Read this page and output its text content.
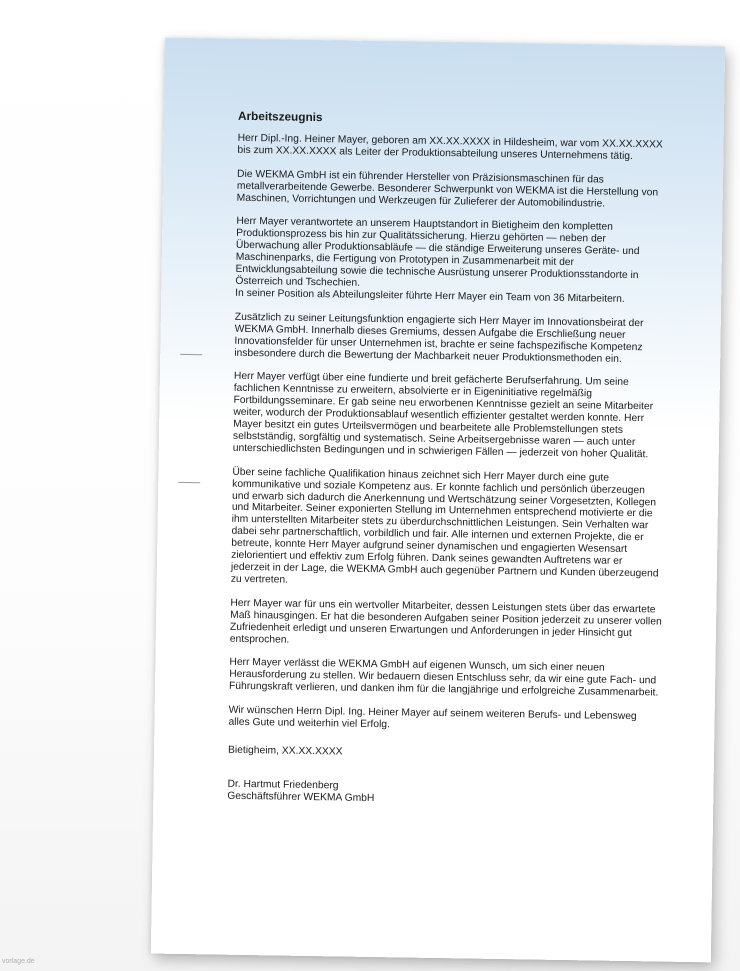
Arbeitszeugnis

Herr Dipl.-Ing. Heiner Mayer, geboren am XX.XX.XXXX in Hildesheim, war vom XX.XX.XXXX bis zum XX.XX.XXXX als Leiter der Produktionsabteilung unseres Unternehmens tätig.

Die WEKMA GmbH ist ein führender Hersteller von Präzisionsmaschinen für das metallverarbeitende Gewerbe. Besonderer Schwerpunkt von WEKMA ist die Herstellung von Maschinen, Vorrichtungen und Werkzeugen für Zulieferer der Automobilindustrie.

Herr Mayer verantwortete an unserem Hauptstandort in Bietigheim den kompletten Produktionsprozess bis hin zur Qualitätssicherung. Hierzu gehörten — neben der Überwachung aller Produktionsabläufe — die ständige Erweiterung unseres Geräte- und Maschinenparks, die Fertigung von Prototypen in Zusammenarbeit mit der Entwicklungsabteilung sowie die technische Ausrüstung unserer Produktionsstandorte in Österreich und Tschechien.

In seiner Position als Abteilungsleiter führte Herr Mayer ein Team von 36 Mitarbeitern.

Zusätzlich zu seiner Leitungsfunktion engagierte sich Herr Mayer im Innovationsbeirat der WEKMA GmbH. Innerhalb dieses Gremiums, dessen Aufgabe die Erschließung neuer Innovationsfelder für unser Unternehmen ist, brachte er seine fachspezifische Kompetenz insbesondere durch die Bewertung der Machbarkeit neuer Produktionsmethoden ein.

Herr Mayer verfügt über eine fundierte und breit gefächerte Berufserfahrung. Um seine fachlichen Kenntnisse zu erweitern, absolvierte er in Eigeninitiative regelmäßig Fortbildungsseminare. Er gab seine neu erworbenen Kenntnisse gezielt an seine Mitarbeiter weiter, wodurch der Produktionsablauf wesentlich effizienter gestaltet werden konnte. Herr Mayer besitzt ein gutes Urteilsvermögen und bearbeitete alle Problemstellungen stets selbstständig, sorgfältig und systematisch. Seine Arbeitsergebnisse waren — auch unter unterschiedlichsten Bedingungen und in schwierigen Fällen — jederzeit von hoher Qualität.

Über seine fachliche Qualifikation hinaus zeichnet sich Herr Mayer durch eine gute kommunikative und soziale Kompetenz aus. Er konnte fachlich und persönlich überzeugen und erwarb sich dadurch die Anerkennung und Wertschätzung seiner Vorgesetzten, Kollegen und Mitarbeiter. Seiner exponierten Stellung im Unternehmen entsprechend motivierte er die ihm unterstellten Mitarbeiter stets zu überdurchschnittlichen Leistungen. Sein Verhalten war dabei sehr partnerschaftlich, vorbildlich und fair. Alle internen und externen Projekte, die er betreute, konnte Herr Mayer aufgrund seiner dynamischen und engagierten Wesensart zielorientiert und effektiv zum Erfolg führen. Dank seines gewandten Auftretens war er jederzeit in der Lage, die WEKMA GmbH auch gegenüber Partnern und Kunden überzeugend zu vertreten.

Herr Mayer war für uns ein wertvoller Mitarbeiter, dessen Leistungen stets über das erwartete Maß hinausgingen. Er hat die besonderen Aufgaben seiner Position jederzeit zu unserer vollen Zufriedenheit erledigt und unseren Erwartungen und Anforderungen in jeder Hinsicht gut entsprochen.

Herr Mayer verlässt die WEKMA GmbH auf eigenen Wunsch, um sich einer neuen Herausforderung zu stellen. Wir bedauern diesen Entschluss sehr, da wir eine gute Fach- und Führungskraft verlieren, und danken ihm für die langjährige und erfolgreiche Zusammenarbeit.

Wir wünschen Herrn Dipl. Ing. Heiner Mayer auf seinem weiteren Berufs- und Lebensweg alles Gute und weiterhin viel Erfolg.

Bietigheim, XX.XX.XXXX

Dr. Hartmut Friedenberg

Geschäftsführer WEKMA GmbH

vorlage.de
